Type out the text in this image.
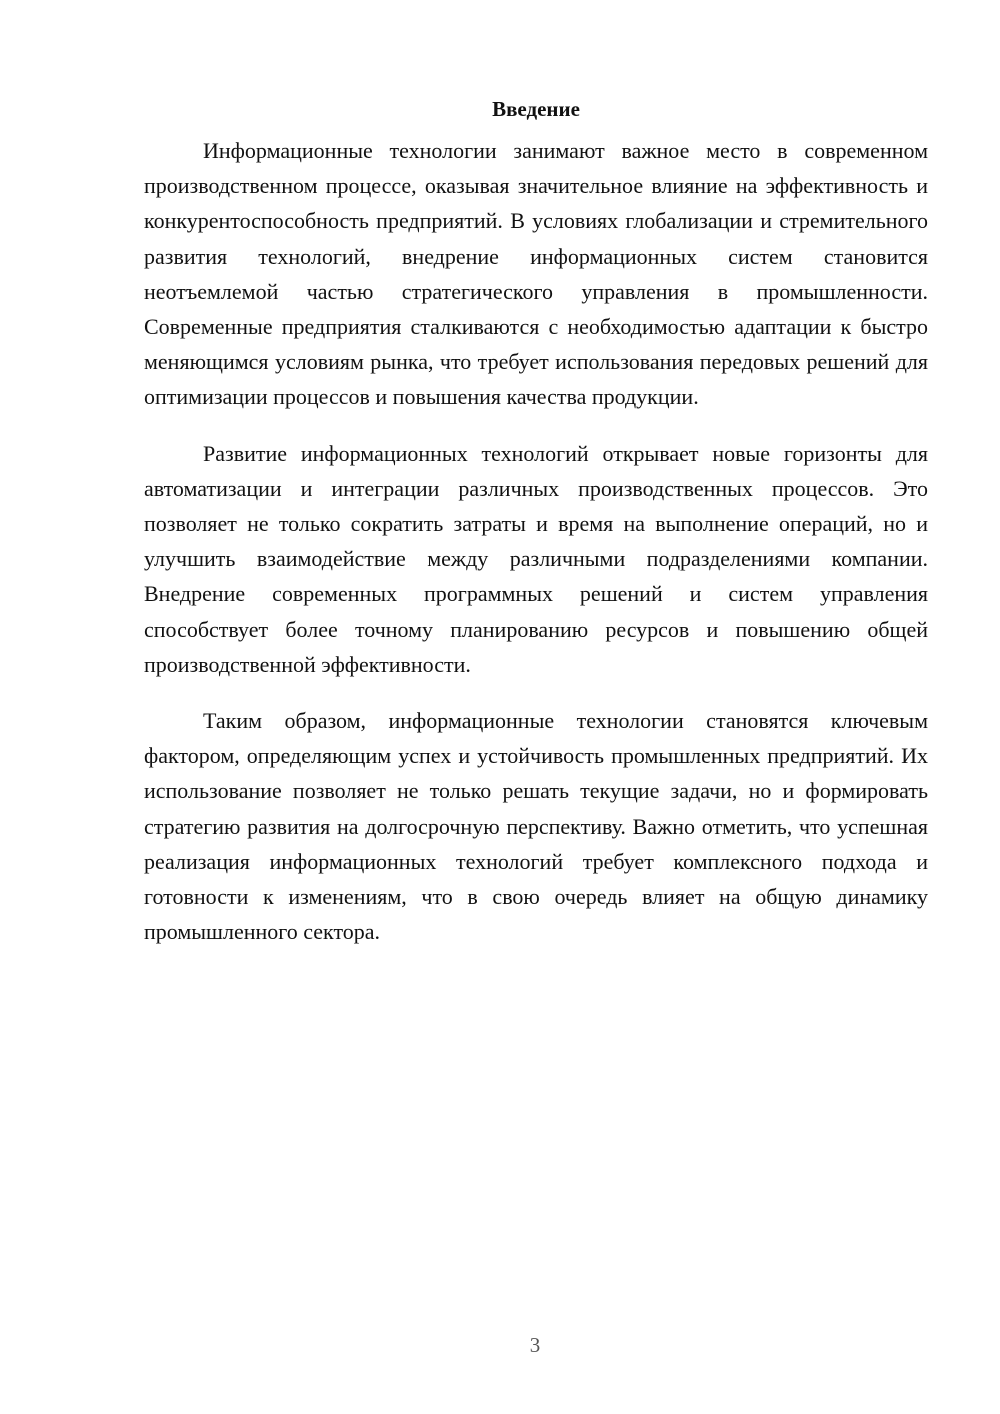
Введение

Информационные технологии занимают важное место в современном производственном процессе, оказывая значительное влияние на эффективность и конкурентоспособность предприятий. В условиях глобализации и стремительного развития технологий, внедрение информационных систем становится неотъемлемой частью стратегического управления в промышленности. Современные предприятия сталкиваются с необходимостью адаптации к быстро меняющимся условиям рынка, что требует использования передовых решений для оптимизации процессов и повышения качества продукции.

Развитие информационных технологий открывает новые горизонты для автоматизации и интеграции различных производственных процессов. Это позволяет не только сократить затраты и время на выполнение операций, но и улучшить взаимодействие между различными подразделениями компании. Внедрение современных программных решений и систем управления способствует более точному планированию ресурсов и повышению общей производственной эффективности.

Таким образом, информационные технологии становятся ключевым фактором, определяющим успех и устойчивость промышленных предприятий. Их использование позволяет не только решать текущие задачи, но и формировать стратегию развития на долгосрочную перспективу. Важно отметить, что успешная реализация информационных технологий требует комплексного подхода и готовности к изменениям, что в свою очередь влияет на общую динамику промышленного сектора.

3
